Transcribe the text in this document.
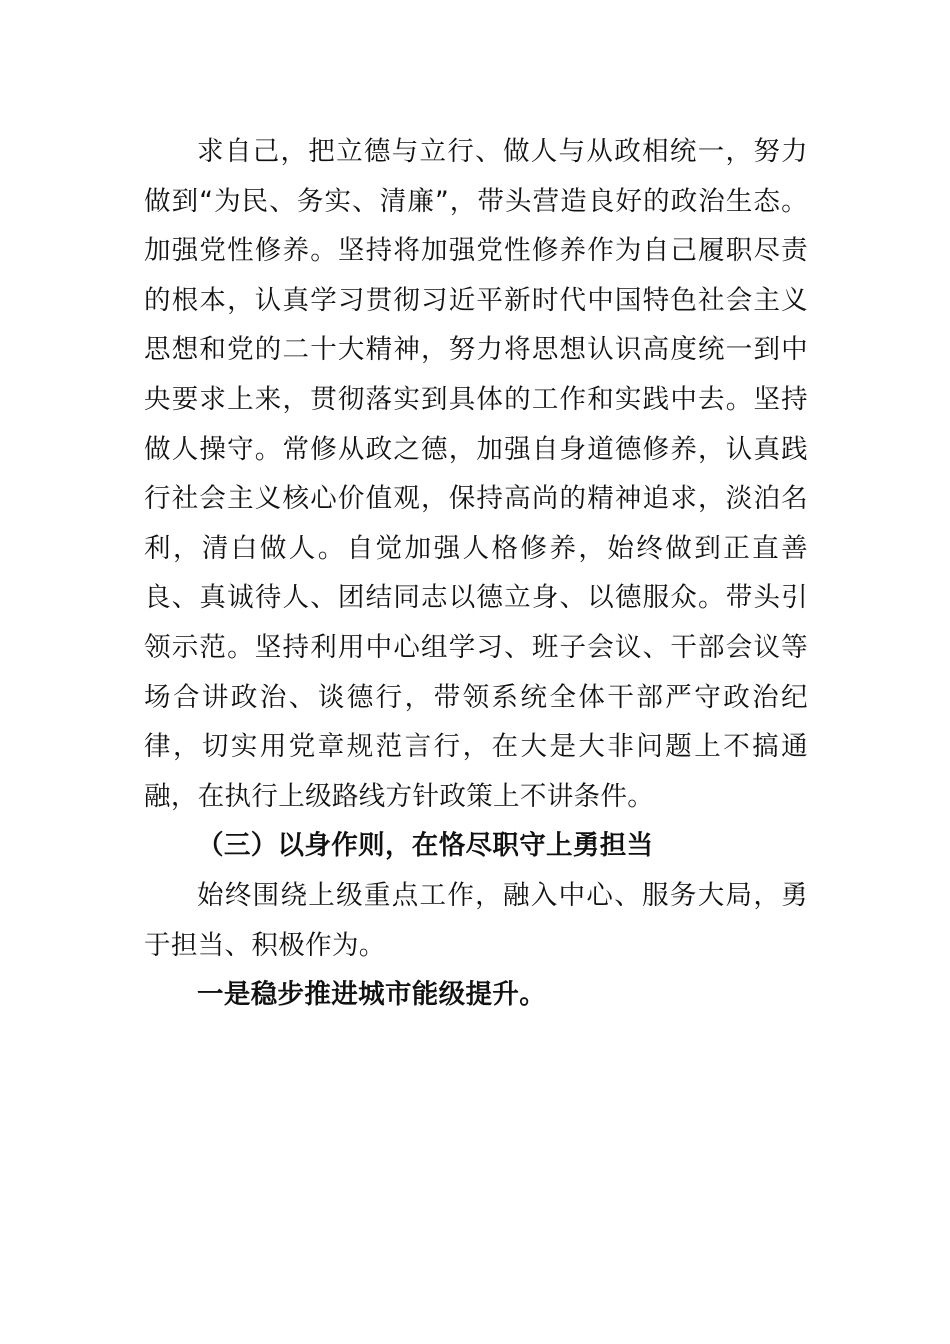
求自己，把立德与立行、做人与从政相统一，努力做到“为民、务实、清廉”，带头营造良好的政治生态。加强党性修养。坚持将加强党性修养作为自己履职尽责的根本，认真学习贯彻习近平新时代中国特色社会主义思想和党的二十大精神，努力将思想认识高度统一到中央要求上来，贯彻落实到具体的工作和实践中去。坚持做人操守。常修从政之德，加强自身道德修养，认真践行社会主义核心价值观，保持高尚的精神追求，淡泊名利，清白做人。自觉加强人格修养，始终做到正直善良、真诚待人、团结同志以德立身、以德服众。带头引领示范。坚持利用中心组学习、班子会议、干部会议等场合讲政治、谈德行，带领系统全体干部严守政治纪律，切实用党章规范言行，在大是大非问题上不搞通融，在执行上级路线方针政策上不讲条件。

（三）以身作则，在恪尽职守上勇担当

始终围绕上级重点工作，融入中心、服务大局，勇于担当、积极作为。

一是稳步推进城市能级提升。
